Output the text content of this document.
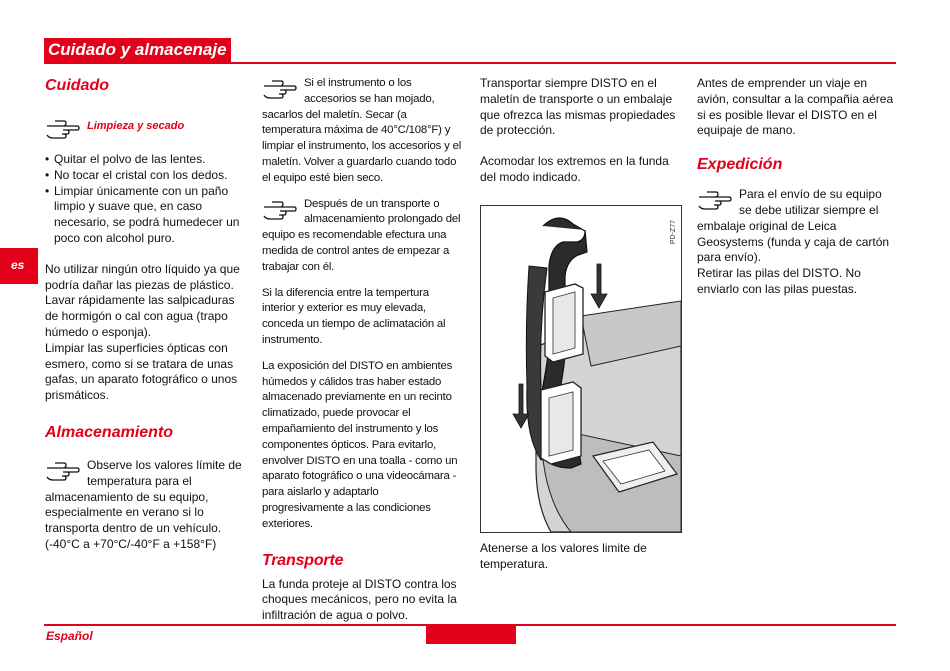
Cuidado y almacenaje
es
Cuidado
Limpieza y secado
• Quitar el polvo de las lentes.
• No tocar el cristal con los dedos.
• Limpiar únicamente con un paño limpio y suave que, en caso necesario, se podrá humedecer un poco con alcohol puro.

No utilizar ningún otro líquido ya que podría dañar las piezas de plástico. Lavar rápidamente las salpicaduras de hormigón o cal con agua (trapo húmedo o esponja).

Limpiar las superficies ópticas con esmero, como si se tratara de unas gafas, un aparato fotográfico o unos prismáticos.

Almacenamiento

Observe los valores límite de temperatura para el almacenamiento de su equipo, especialmente en verano si lo transporta dentro de un vehículo. (-40°C a +70°C/-40°F a +158°F)

Si el instrumento o los accesorios se han mojado, sacarlos del maletín. Secar (a temperatura máxima de 40°C/108°F) y limpiar el instrumento, los accesorios y el maletín. Volver a guardarlo cuando todo el equipo esté bien seco.

Después de un transporte o almacenamiento prolongado del equipo es recomendable efectura una medida de control antes de empezar a trabajar con él.

Si la diferencia entre la tempertura interior y exterior es muy elevada, conceda un tiempo de aclimatación al instrumento.

La exposición del DISTO en ambientes húmedos y cálidos tras haber estado almacenado previamente en un recinto climatizado, puede provocar el empañamiento del instrumento y los componentes ópticos. Para evitarlo, envolver DISTO en una toalla - como un aparato fotográfico o una videocámara - para aislarlo y adaptarlo progresivamente a las condiciones exteriores.

Transporte

La funda proteje al DISTO contra los choques mecánicos, pero no evita la infiltración de agua o polvo.

Transportar siempre DISTO en el maletín de transporte o un embalaje que ofrezca las mismas propiedades de protección.

Acomodar los extremos en la funda del modo indicado.

PD-Z77

Atenerse a los valores limite de temperatura.

Antes de emprender un viaje en avión, consultar a la compañia aérea si es posible llevar el DISTO en el equipaje de mano.

Expedición

Para el envío de su equipo se debe utilizar siempre el embalaje original de Leica Geosystems (funda y caja de cartón para envío).

Retirar las pilas del DISTO. No enviarlo con las pilas puestas.

Español
